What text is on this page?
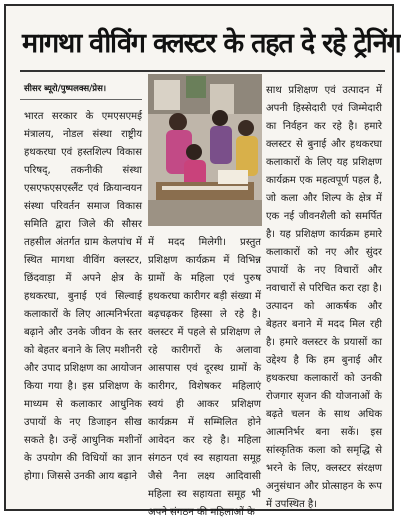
मागथा वीविंग क्लस्टर के तहत दे रहे ट्रेनिंग
सीसर ब्यूरो/पुष्पलक्स/प्रेस।
भारत सरकार के एमएसएमई मंत्रालय, नोडल संस्था राष्ट्रीय हथकरघा एवं हस्तशिल्प विकास परिषद्, तकनीकी संस्था एसएफएसएस्लैंट एवं क्रियान्वयन संस्था परिवर्तन समाज विकास समिति द्वारा जिले की सौसर तहसील अंतर्गत ग्राम केलपांच में स्थित मागथा वीविंग क्लस्टर, छिंदवाड़ा में अपने क्षेत्र के हथकरघा, बुनाई एवं सिल्वाई कलाकारों के लिए आत्मनिर्भरता बढ़ाने और उनके जीवन के स्तर को बेहतर बनाने के लिए मशीनरी और उपाद प्रशिक्षण का आयोजन किया गया है। इस प्रशिक्षण के माध्यम से कलाकार आधुनिक उपायों के नए डिजाइन सीख सकते है। उन्हें आधुनिक मशीनों के उपयोग की विधियों का ज्ञान होगा। जिससे उनकी आय बढ़ाने
में मदद मिलेगी। प्रस्तुत प्रशिक्षण कार्यक्रम में विभिन्न ग्रामों के महिला एवं पुरुष हथकरघा कारीगर बड़ी संख्या में बढ़चढ़कर हिस्सा ले रहे है। क्लस्टर में पहले से प्रशिक्षण ले रहे कारीगरों के अलावा आसपास एवं दूरस्थ ग्रामों के कारीगर, विशेषकर महिलाएं स्वयं ही आकर प्रशिक्षण कार्यक्रम में सम्मिलित होने आवेदन कर रहे है। महिला संगठन एवं स्व सहायता समूह जैसे नैना लक्ष्य आदिवासी महिला स्व सहायता समूह भी अपने संगठन की महिलाओं के
साथ प्रशिक्षण एवं उत्पादन में अपनी हिस्सेदारी एवं जिम्मेदारी का निर्वहन कर रहे है। हमारे क्लस्टर से बुनाई और हथकरघा कलाकारों के लिए यह प्रशिक्षण कार्यक्रम एक महत्वपूर्ण पहल है, जो कला और शिल्प के क्षेत्र में एक नई जीवनशैली को समर्पित है। यह प्रशिक्षण कार्यक्रम हमारे कलाकारों को नए और सुंदर उपायों के नए विचारों और नवाचारों से परिचित करा रहा है। उत्पादन को आकर्षक और बेहतर बनाने में मदद मिल रही है। हमारे क्लस्टर के प्रयासों का उद्देश्य है कि हम बुनाई और हथकरघा कलाकारों को उनकी रोजगार सृजन की योजनाओं के बढ़ते चलन के साथ अधिक आत्मनिर्भर बना सकें। इस सांस्कृतिक कला को समृद्धि से भरने के लिए, क्लस्टर संरक्षण अनुसंधान और प्रोत्साहन के रूप में उपस्थित है।
